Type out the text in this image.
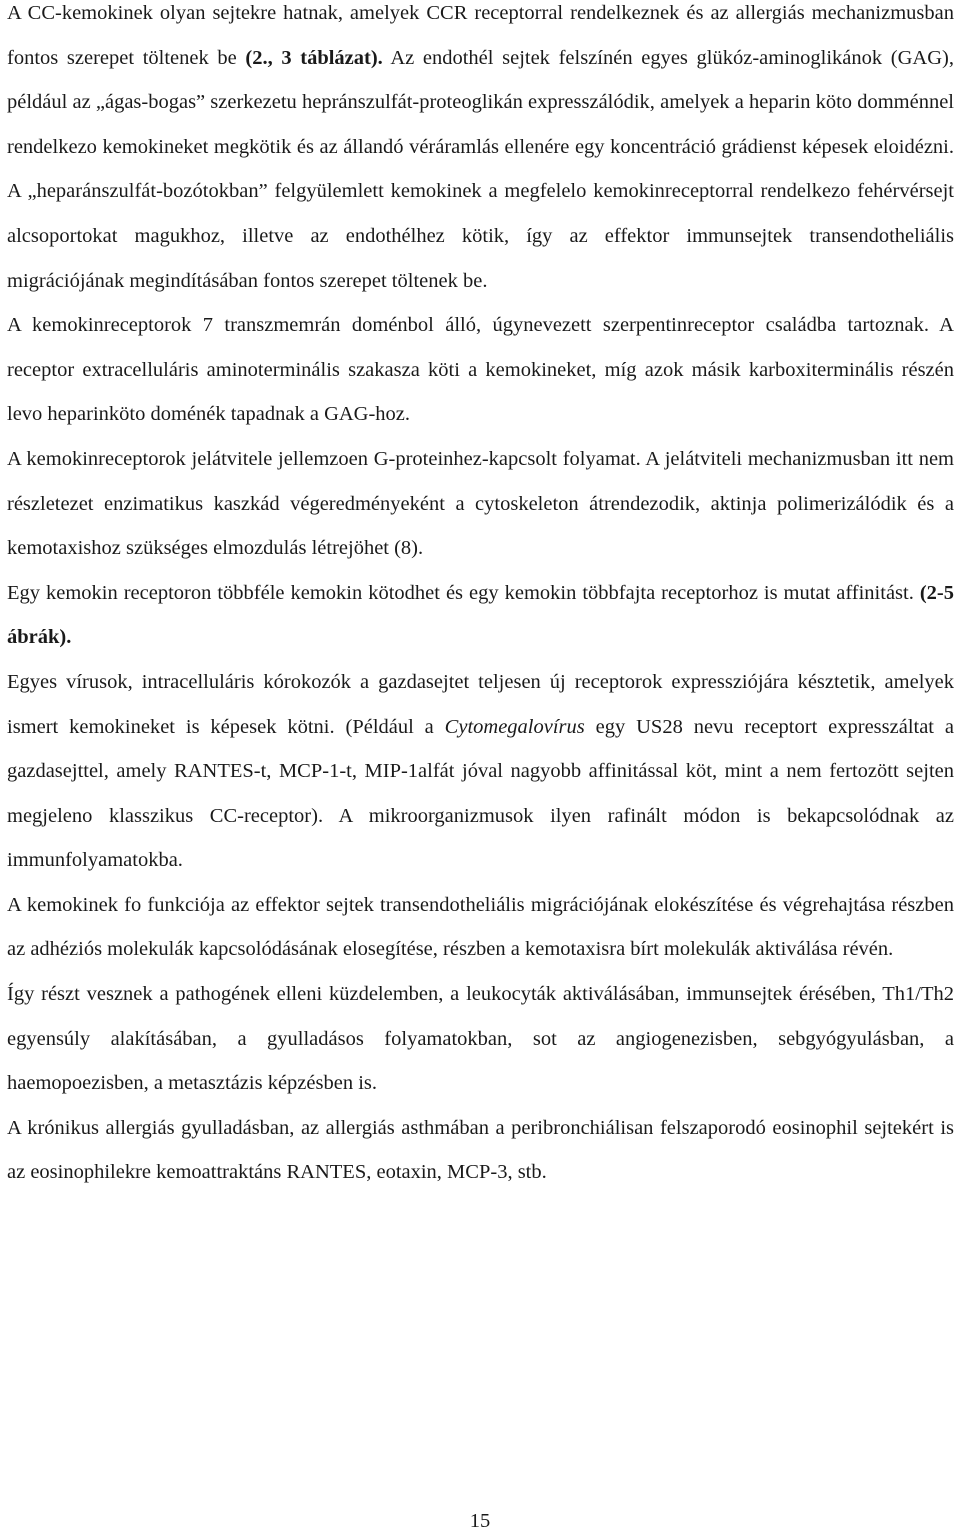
A CC-kemokinek olyan sejtekre hatnak, amelyek CCR receptorral rendelkeznek és az allergiás mechanizmusban fontos szerepet töltenek be (2., 3 táblázat). Az endothél sejtek felszínén egyes glükóz-aminoglikánok (GAG), például az „ágas-bogas” szerkezetu hepránszulfát-proteoglikán expresszálódik, amelyek a heparin köto domménnel rendelkezo kemokineket megkötik és az állandó véráramlás ellenére egy koncentráció grádienst képesek eloidézni. A „heparánszulfát-bozótokban” felgyülemlett kemokinek a megfelelo kemokinreceptorral rendelkezo fehérvérsejt alcsoportokat magukhoz, illetve az endothélhez kötik, így az effektor immunsejtek transendotheliális migrációjának megindításában fontos szerepet töltenek be.

A kemokinreceptorok 7 transzmemrán doménbol álló, úgynevezett szerpentinreceptor családba tartoznak. A receptor extracelluláris aminoterminális szakasza köti a kemokineket, míg azok másik karboxiterminális részén levo heparinköto doménék tapadnak a GAG-hoz.

A kemokinreceptorok jelátvitele jellemzoen G-proteinhez-kapcsolt folyamat. A jelátviteli mechanizmusban itt nem részletezet enzimatikus kaszkád végeredményeként a cytoskeleton átrendezodik, aktinja polimerizálódik és a kemotaxishoz szükséges elmozdulás létrejöhet (8).

Egy kemokin receptoron többféle kemokin kötodhet és egy kemokin többfajta receptorhoz is mutat affinitást. (2-5 ábrák).

Egyes vírusok, intracelluláris kórokozók a gazdasejtet teljesen új receptorok expressziójára késztetik, amelyek ismert kemokineket is képesek kötni. (Például a Cytomegalovírus egy US28 nevu receptort expresszáltat a gazdasejttel, amely RANTES-t, MCP-1-t, MIP-1alfát jóval nagyobb affinitással köt, mint a nem fertozött sejten megjeleno klasszikus CC-receptor). A mikroorganizmusok ilyen rafinált módon is bekapcsolódnak az immunfolyamatokba.

A kemokinek fo funkciója az effektor sejtek transendotheliális migrációjának elokészítése és végrehajtása részben az adhéziós molekulák kapcsolódásának elosegítése, részben a kemotaxisra bírt molekulák aktiválása révén.

Így részt vesznek a pathogének elleni küzdelemben, a leukocyták aktiválásában, immunsejtek érésében, Th1/Th2 egyensúly alakításában, a gyulladásos folyamatokban, sot az angiogenezisben, sebgyógyulásban, a haemopoezisben, a metasztázis képzésben is.

A krónikus allergiás gyulladásban, az allergiás asthmában a peribronchiálisan felszaporodó eosinophil sejtekért is az eosinophilekre kemoattraktáns RANTES, eotaxin, MCP-3, stb.

15
